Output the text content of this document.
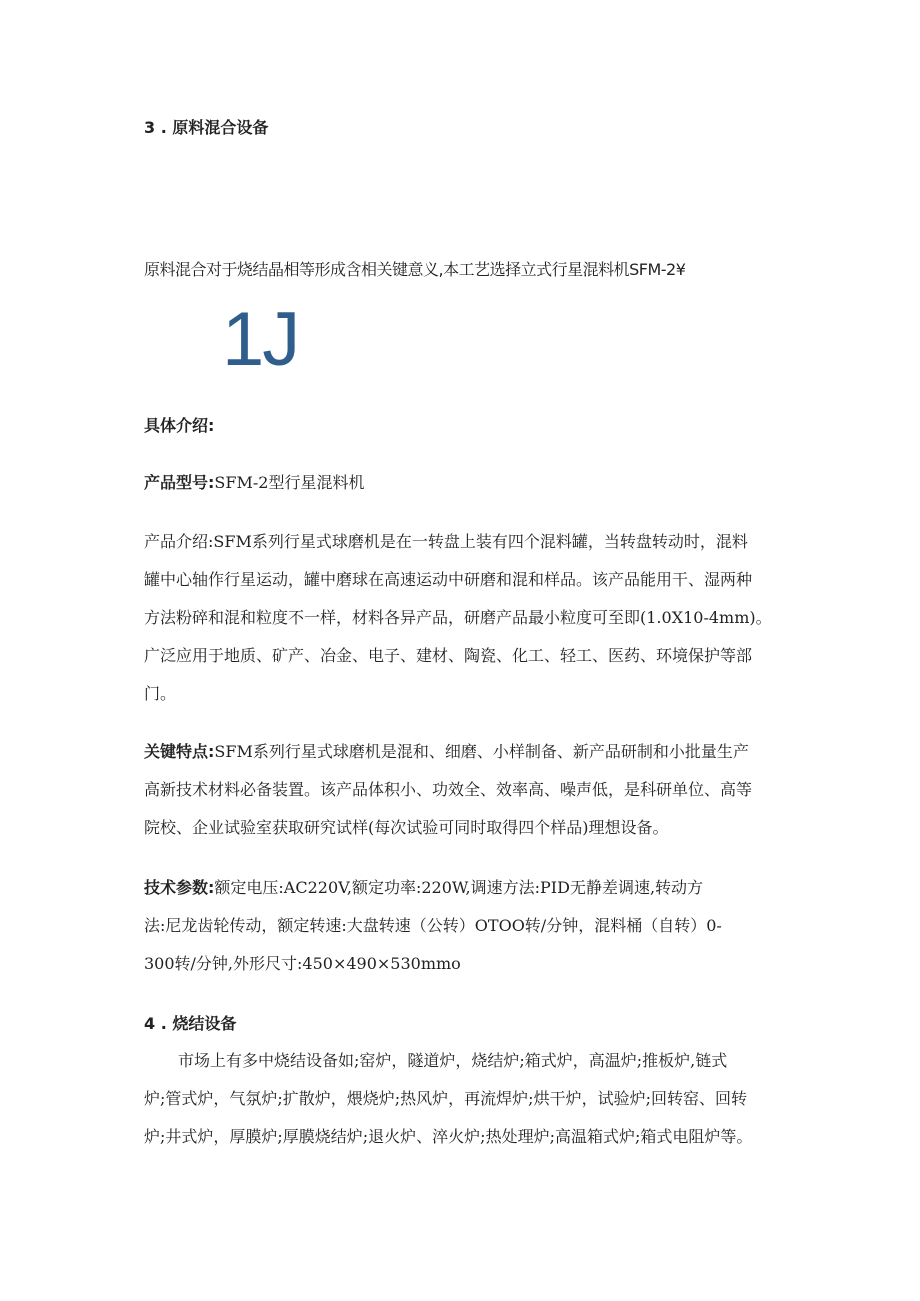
3 . 原料混合设备
原料混合对于烧结晶相等形成含相关键意义,本工艺选择立式行星混料机SFM-2¥
1J
具体介绍:
产品型号:SFM-2型行星混料机
产品介绍:SFM系列行星式球磨机是在一转盘上装有四个混料罐，当转盘转动时，混料
罐中心轴作行星运动，罐中磨球在高速运动中研磨和混和样品。该产品能用干、湿两种
方法粉碎和混和粒度不一样，材料各异产品，研磨产品最小粒度可至即(1.0X10-4mm)。
广泛应用于地质、矿产、冶金、电子、建材、陶瓷、化工、轻工、医药、环境保护等部
门。
关键特点:SFM系列行星式球磨机是混和、细磨、小样制备、新产品研制和小批量生产
高新技术材料必备装置。该产品体积小、功效全、效率高、噪声低，是科研单位、高等
院校、企业试验室获取研究试样(每次试验可同时取得四个样品)理想设备。
技术参数:额定电压:AC220V,额定功率:220W,调速方法:PID无静差调速,转动方
法:尼龙齿轮传动，额定转速:大盘转速（公转）OTOO转/分钟，混料桶（自转）0-
300转/分钟,外形尺寸:450×490×530mmo
4 . 烧结设备
市场上有多中烧结设备如;窑炉，隧道炉，烧结炉;箱式炉，高温炉;推板炉,链式
炉;管式炉，气氛炉;扩散炉，煨烧炉;热风炉，再流焊炉;烘干炉，试验炉;回转窑、回转
炉;井式炉，厚膜炉;厚膜烧结炉;退火炉、淬火炉;热处理炉;高温箱式炉;箱式电阻炉等。
